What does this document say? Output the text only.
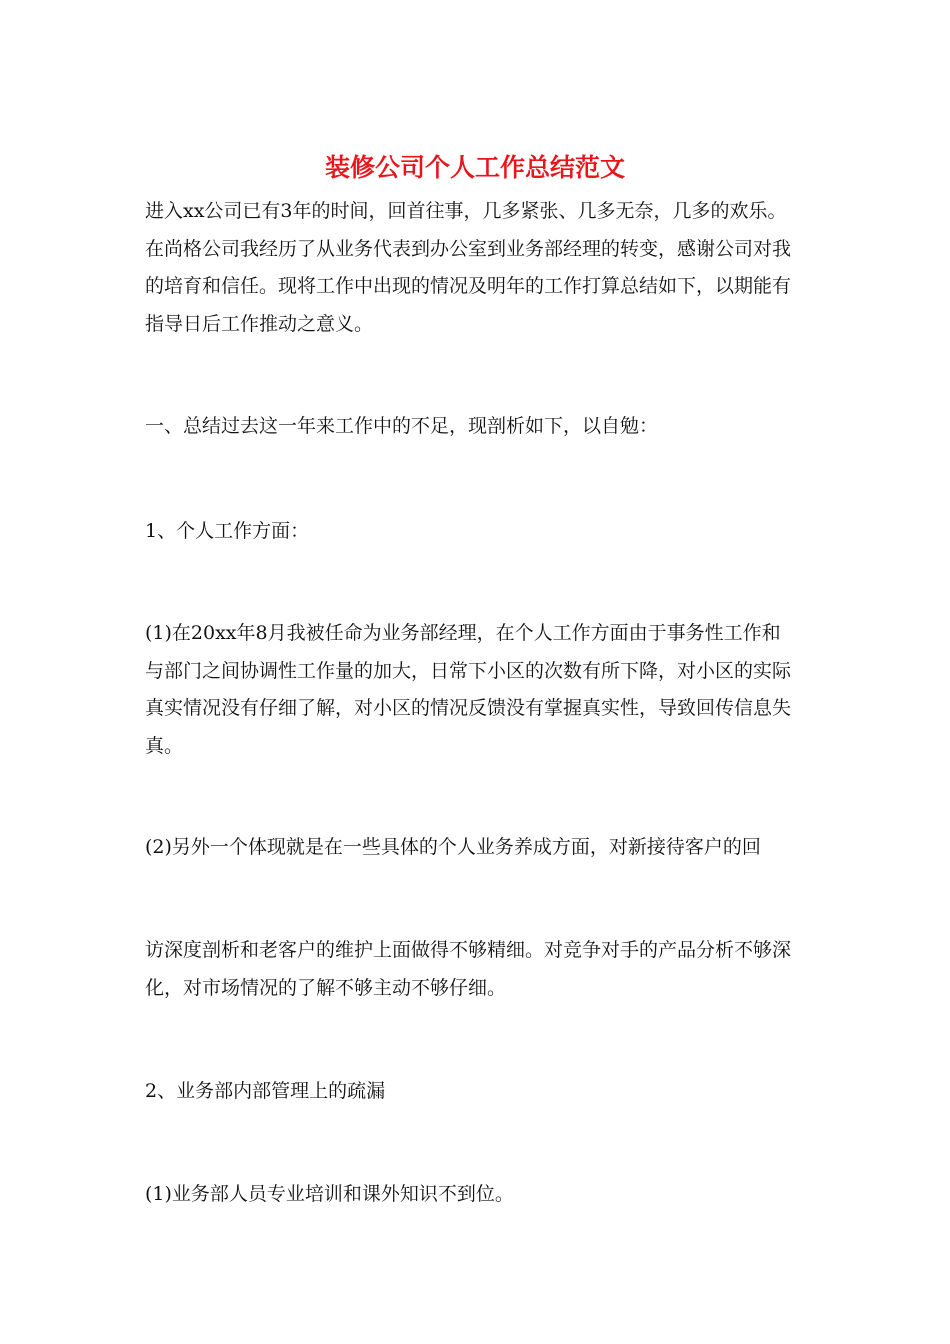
装修公司个人工作总结范文
进入xx公司已有3年的时间，回首往事，几多紧张、几多无奈，几多的欢乐。
在尚格公司我经历了从业务代表到办公室到业务部经理的转变，感谢公司对我
的培育和信任。现将工作中出现的情况及明年的工作打算总结如下，以期能有
指导日后工作推动之意义。
一、总结过去这一年来工作中的不足，现剖析如下，以自勉：
1、个人工作方面：
(1)在20xx年8月我被任命为业务部经理，在个人工作方面由于事务性工作和
与部门之间协调性工作量的加大，日常下小区的次数有所下降，对小区的实际
真实情况没有仔细了解，对小区的情况反馈没有掌握真实性，导致回传信息失
真。
(2)另外一个体现就是在一些具体的个人业务养成方面，对新接待客户的回
访深度剖析和老客户的维护上面做得不够精细。对竞争对手的产品分析不够深
化，对市场情况的了解不够主动不够仔细。
2、业务部内部管理上的疏漏
(1)业务部人员专业培训和课外知识不到位。
